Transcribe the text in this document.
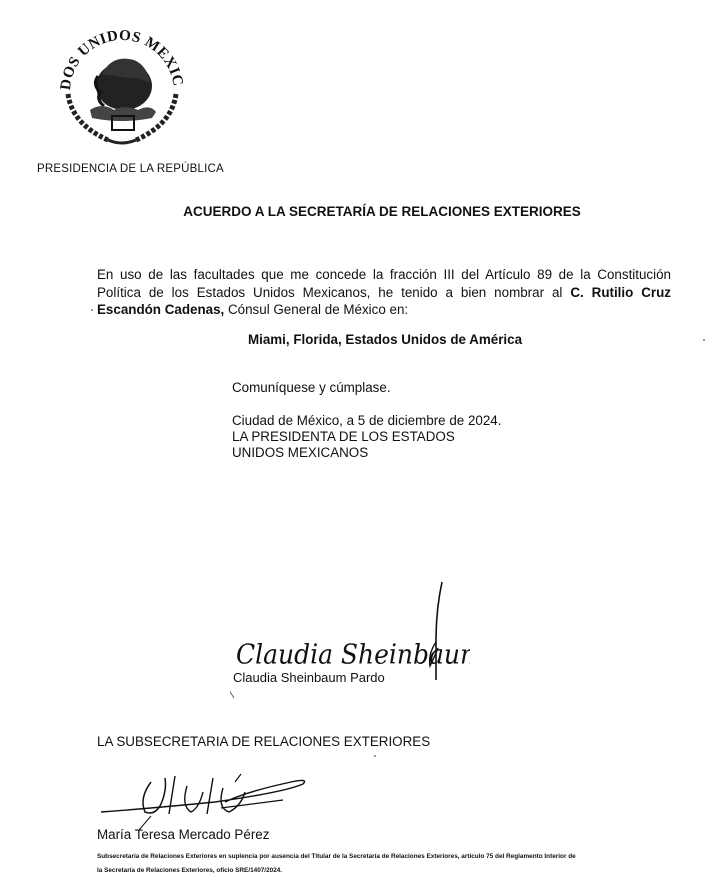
DOS UNIDOS MEXIC
PRESIDENCIA DE LA REPÚBLICA
ACUERDO A LA SECRETARÍA DE RELACIONES EXTERIORES
En uso de las facultades que me concede la fracción III del Artículo 89 de la Constitución Política de los Estados Unidos Mexicanos, he tenido a bien nombrar al C. Rutilio Cruz Escandón Cadenas, Cónsul General de México en:
Miami, Florida, Estados Unidos de América
Comuníquese y cúmplase.
Ciudad de México, a 5 de diciembre de 2024.
LA PRESIDENTA DE LOS ESTADOS
UNIDOS MEXICANOS
Claudia Sheinbaum
Claudia Sheinbaum Pardo
LA SUBSECRETARIA DE RELACIONES EXTERIORES
María Teresa Mercado Pérez
Subsecretaria de Relaciones Exteriores en suplencia por ausencia del Titular de la Secretaría de Relaciones Exteriores, artículo 75 del Reglamento Interior de
la Secretaría de Relaciones Exteriores, oficio SRE/1407/2024.
